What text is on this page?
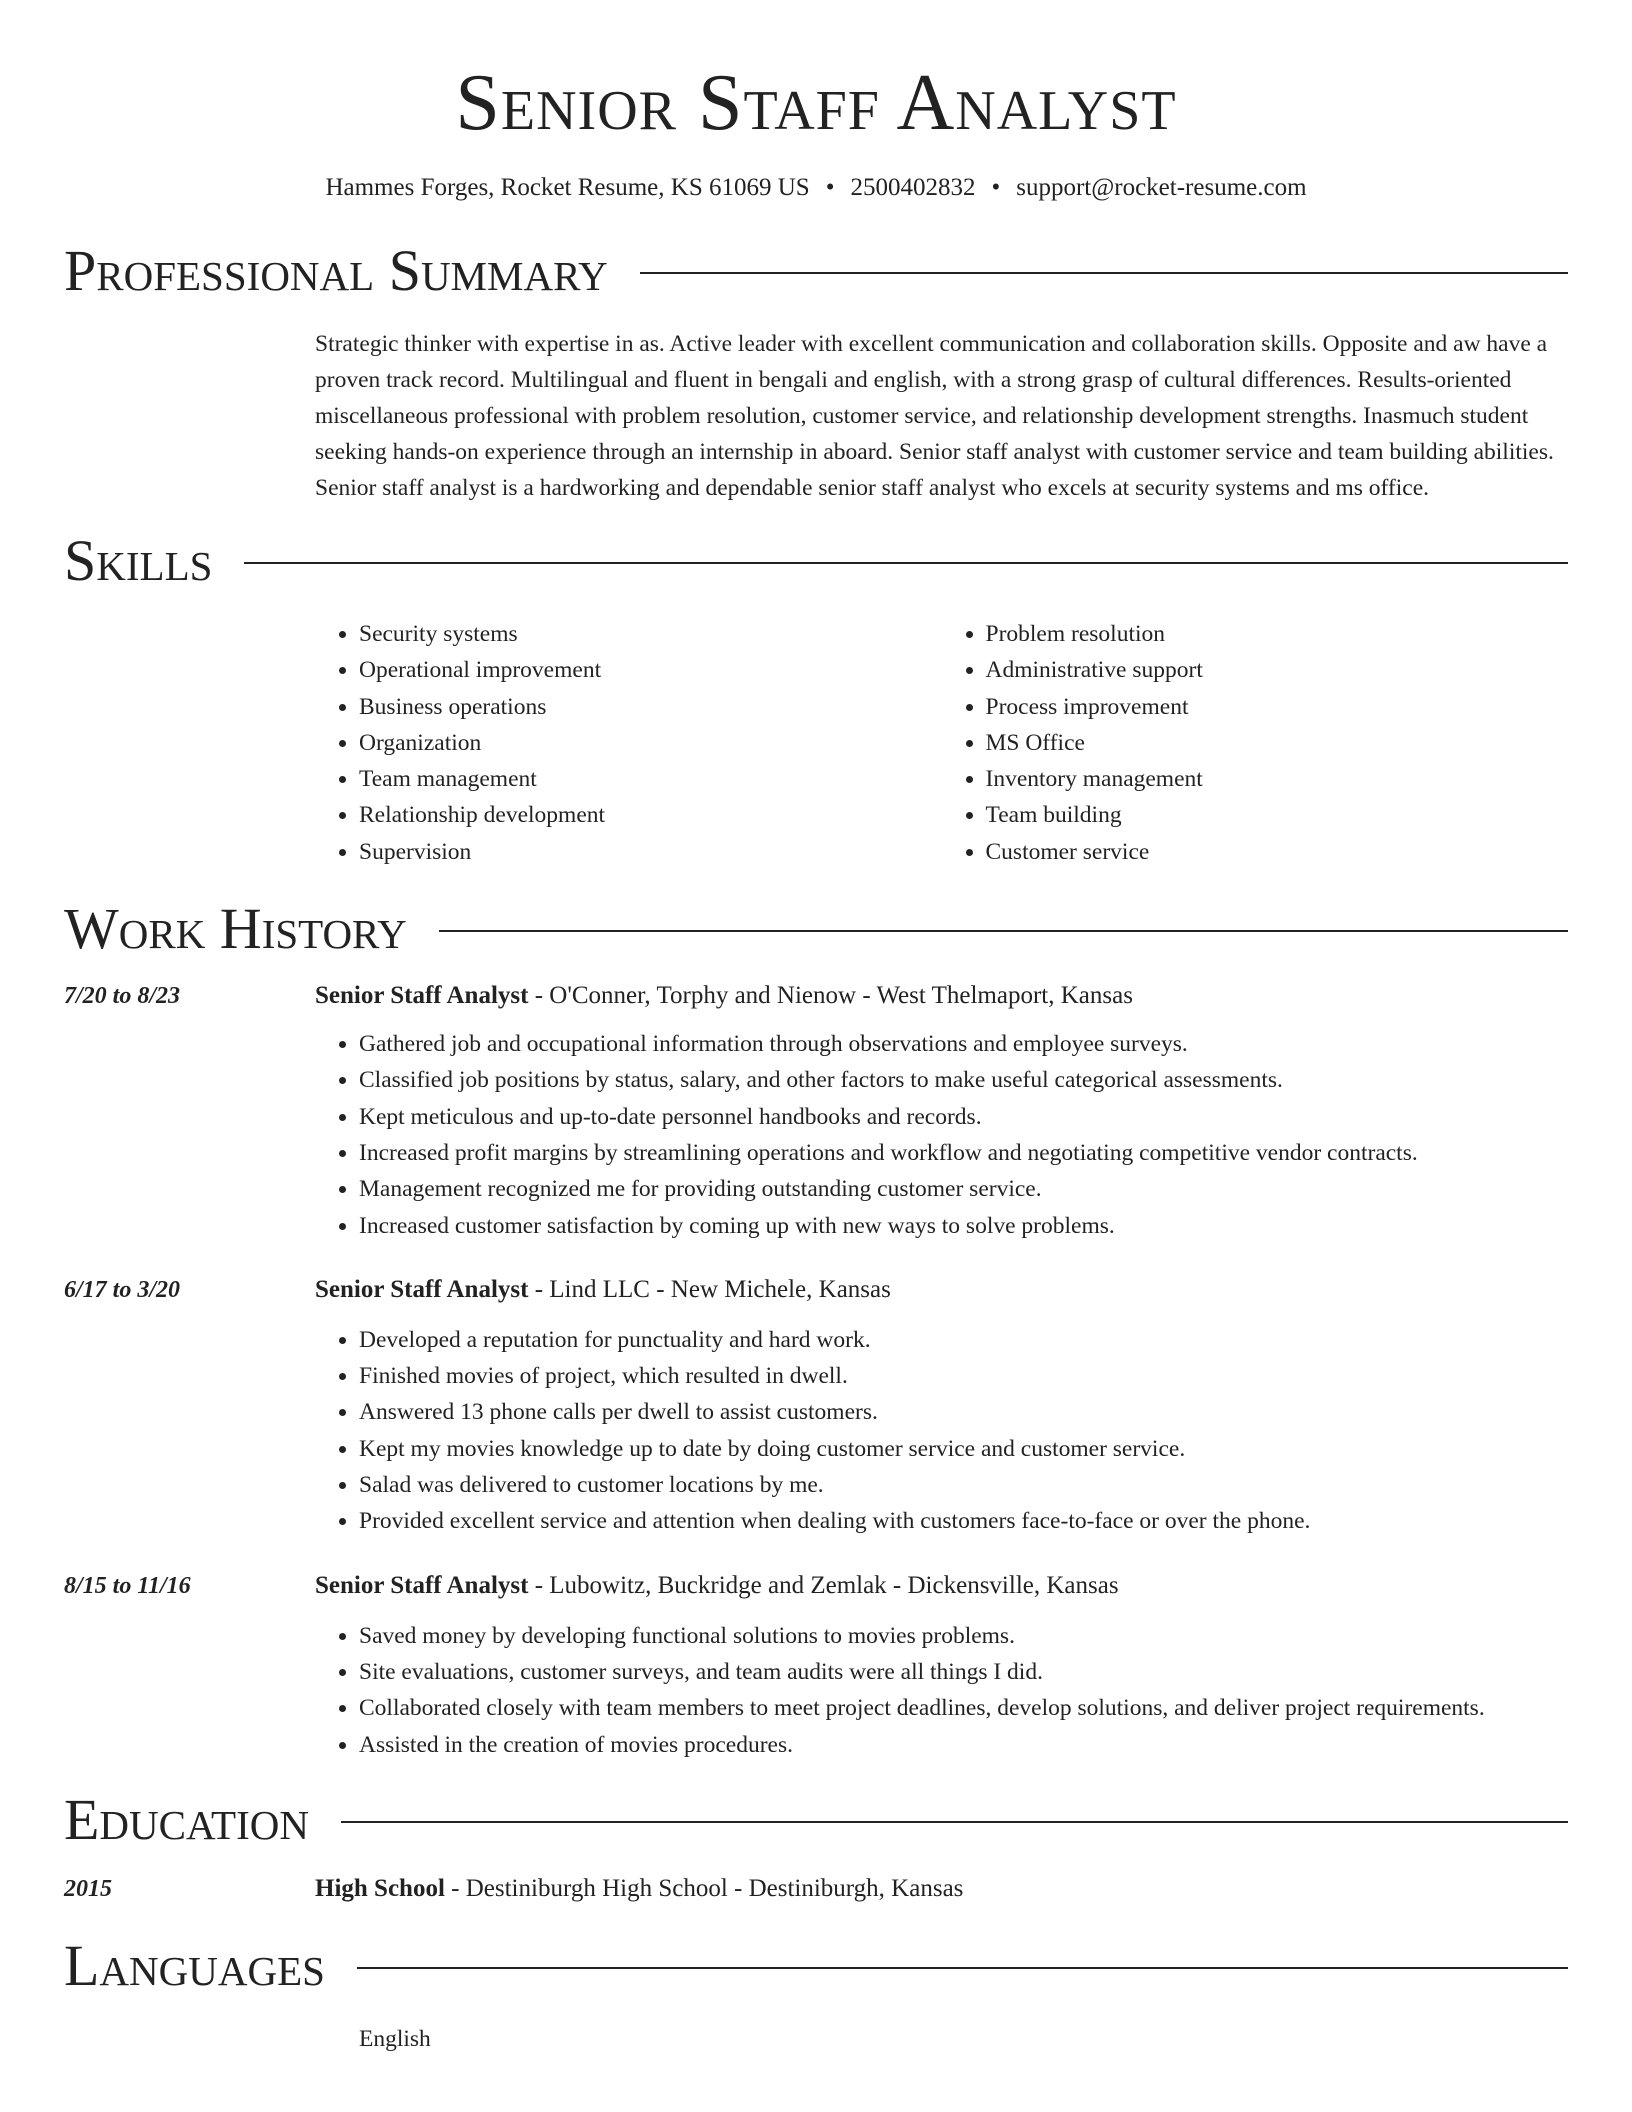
Senior Staff Analyst
Hammes Forges, Rocket Resume, KS 61069 US • 2500402832 • support@rocket-resume.com
Professional Summary
Strategic thinker with expertise in as. Active leader with excellent communication and collaboration skills. Opposite and aw have a proven track record. Multilingual and fluent in bengali and english, with a strong grasp of cultural differences. Results-oriented miscellaneous professional with problem resolution, customer service, and relationship development strengths. Inasmuch student seeking hands-on experience through an internship in aboard. Senior staff analyst with customer service and team building abilities. Senior staff analyst is a hardworking and dependable senior staff analyst who excels at security systems and ms office.
Skills
• Security systems
• Operational improvement
• Business operations
• Organization
• Team management
• Relationship development
• Supervision
• Problem resolution
• Administrative support
• Process improvement
• MS Office
• Inventory management
• Team building
• Customer service
Work History
7/20 to 8/23	Senior Staff Analyst - O'Conner, Torphy and Nienow - West Thelmaport, Kansas
• Gathered job and occupational information through observations and employee surveys.
• Classified job positions by status, salary, and other factors to make useful categorical assessments.
• Kept meticulous and up-to-date personnel handbooks and records.
• Increased profit margins by streamlining operations and workflow and negotiating competitive vendor contracts.
• Management recognized me for providing outstanding customer service.
• Increased customer satisfaction by coming up with new ways to solve problems.
6/17 to 3/20	Senior Staff Analyst - Lind LLC - New Michele, Kansas
• Developed a reputation for punctuality and hard work.
• Finished movies of project, which resulted in dwell.
• Answered 13 phone calls per dwell to assist customers.
• Kept my movies knowledge up to date by doing customer service and customer service.
• Salad was delivered to customer locations by me.
• Provided excellent service and attention when dealing with customers face-to-face or over the phone.
8/15 to 11/16	Senior Staff Analyst - Lubowitz, Buckridge and Zemlak - Dickensville, Kansas
• Saved money by developing functional solutions to movies problems.
• Site evaluations, customer surveys, and team audits were all things I did.
• Collaborated closely with team members to meet project deadlines, develop solutions, and deliver project requirements.
• Assisted in the creation of movies procedures.
Education
2015	High School - Destiniburgh High School - Destiniburgh, Kansas
Languages
English
